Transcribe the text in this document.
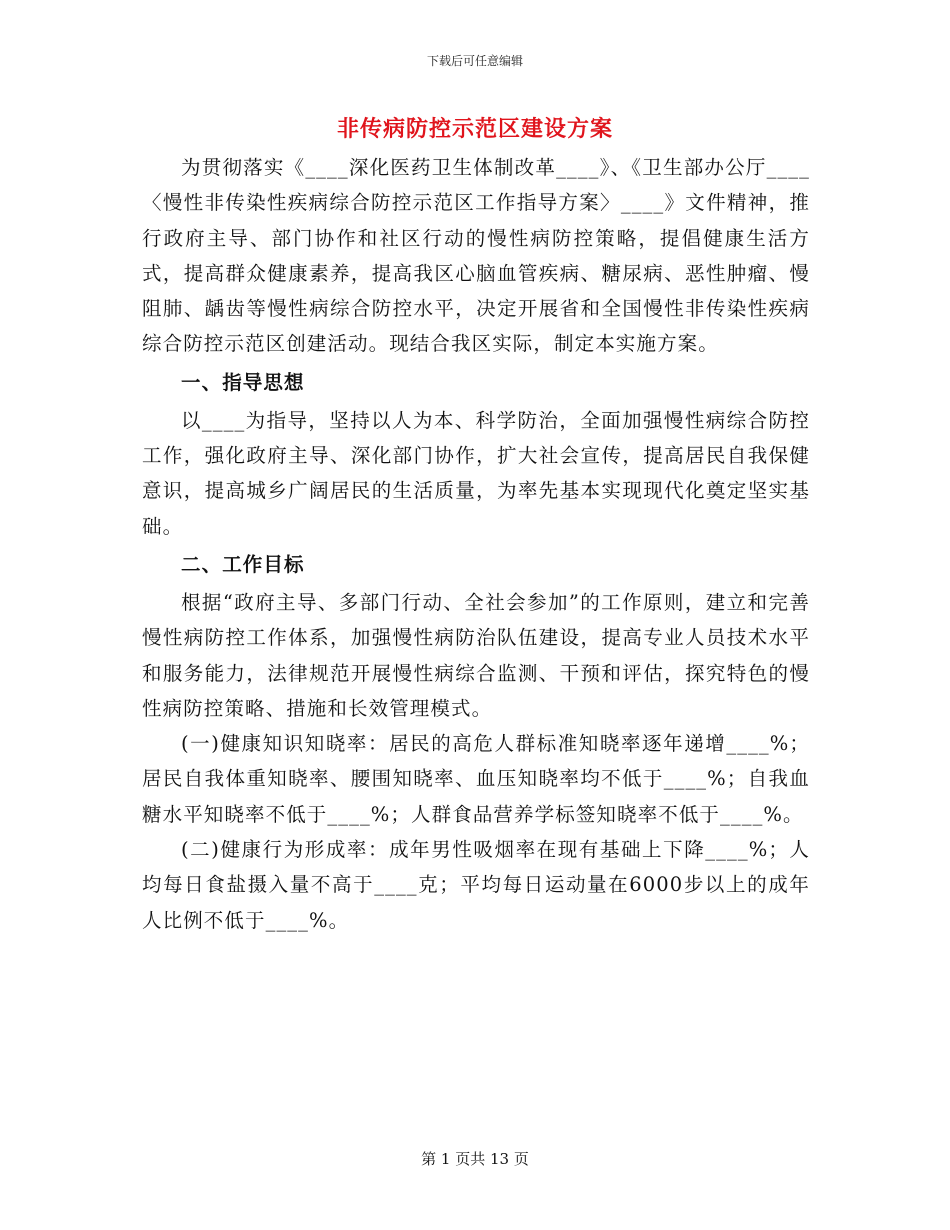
下载后可任意编辑
非传病防控示范区建设方案

为贯彻落实《____深化医药卫生体制改革____》、《卫生部办公厅____〈慢性非传染性疾病综合防控示范区工作指导方案〉____》文件精神，推行政府主导、部门协作和社区行动的慢性病防控策略，提倡健康生活方式，提高群众健康素养，提高我区心脑血管疾病、糖尿病、恶性肿瘤、慢阻肺、龋齿等慢性病综合防控水平，决定开展省和全国慢性非传染性疾病综合防控示范区创建活动。现结合我区实际，制定本实施方案。

一、指导思想

以____为指导，坚持以人为本、科学防治，全面加强慢性病综合防控工作，强化政府主导、深化部门协作，扩大社会宣传，提高居民自我保健意识，提高城乡广阔居民的生活质量，为率先基本实现现代化奠定坚实基础。

二、工作目标

根据“政府主导、多部门行动、全社会参加”的工作原则，建立和完善慢性病防控工作体系，加强慢性病防治队伍建设，提高专业人员技术水平和服务能力，法律规范开展慢性病综合监测、干预和评估，探究特色的慢性病防控策略、措施和长效管理模式。

(一)健康知识知晓率：居民的高危人群标准知晓率逐年递增____%；居民自我体重知晓率、腰围知晓率、血压知晓率均不低于____%；自我血糖水平知晓率不低于____%；人群食品营养学标签知晓率不低于____%。

(二)健康行为形成率：成年男性吸烟率在现有基础上下降____%；人均每日食盐摄入量不高于____克；平均每日运动量在6000步以上的成年人比例不低于____%。

第 1 页共 13 页
